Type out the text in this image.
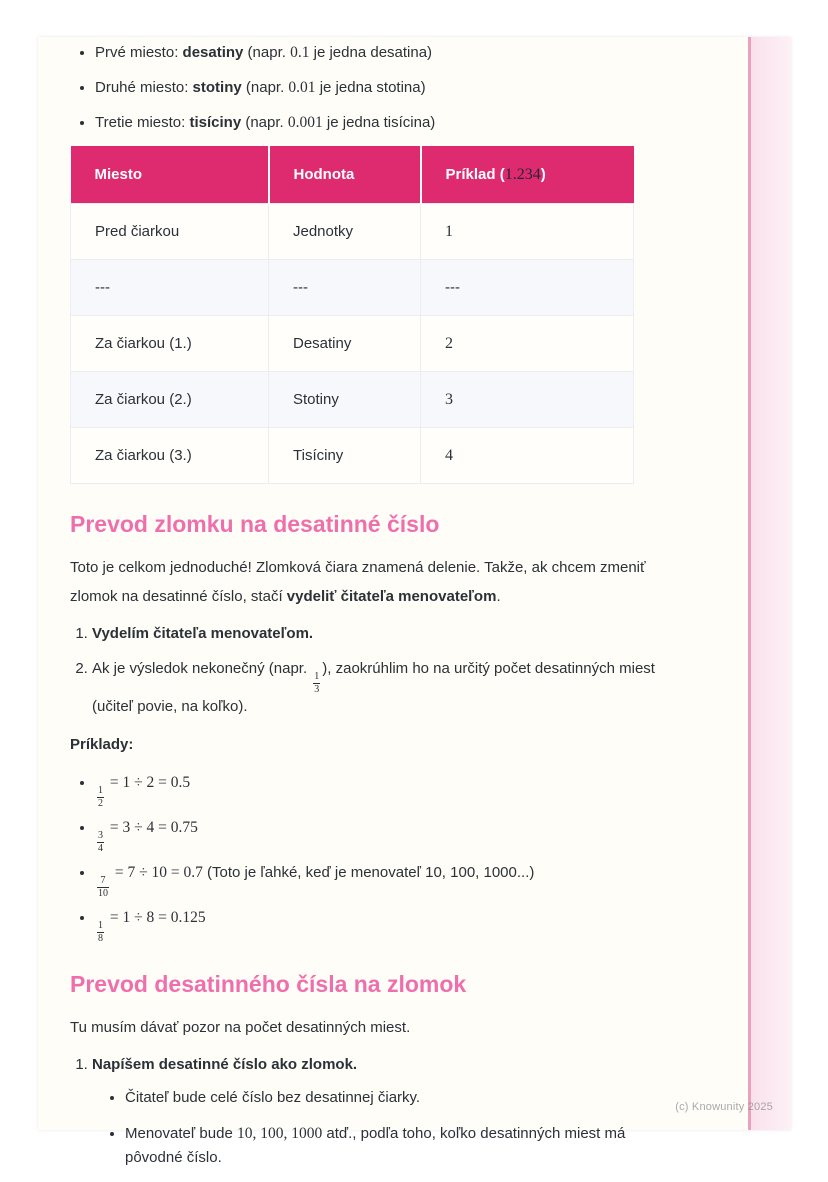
• Prvé miesto: desatiny (napr. 0.1 je jedna desatina)
• Druhé miesto: stotiny (napr. 0.01 je jedna stotina)
• Tretie miesto: tisíciny (napr. 0.001 je jedna tisícina)
Miesto	Hodnota	Príklad (1.234)
Pred čiarkou	Jednotky	1
---	---	---
Za čiarkou (1.)	Desatiny	2
Za čiarkou (2.)	Stotiny	3
Za čiarkou (3.)	Tisíciny	4
Prevod zlomku na desatinné číslo

Toto je celkom jednoduché! Zlomková čiara znamená delenie. Takže, ak chcem zmeniť zlomok na desatinné číslo, stačí vydeliť čitateľa menovateľom.

1. Vydelím čitateľa menovateľom.
2. Ak je výsledok nekonečný (napr.
$\frac{1}{3}$
), zaokrúhlim ho na určitý počet desatinných miest (učiteľ povie, na koľko).

Príklady:

• $\frac{1}{2}$
= 1 ÷ 2 = 0.5
• $\frac{3}{4}$
= 3 ÷ 4 = 0.75
• $\frac{7}{10}$
= 7 ÷ 10 = 0.7 (Toto je ľahké, keď je menovateľ 10, 100, 1000...)
• $\frac{1}{8}$
= 1 ÷ 8 = 0.125
Prevod desatinného čísla na zlomok

Tu musím dávať pozor na počet desatinných miest.

1. Napíšem desatinné číslo ako zlomok.
• Čitateľ bude celé číslo bez desatinnej čiarky.
• Menovateľ bude 10, 100, 1000 atď., podľa toho, koľko desatinných miest má pôvodné číslo.
(c) Knowunity 2025
